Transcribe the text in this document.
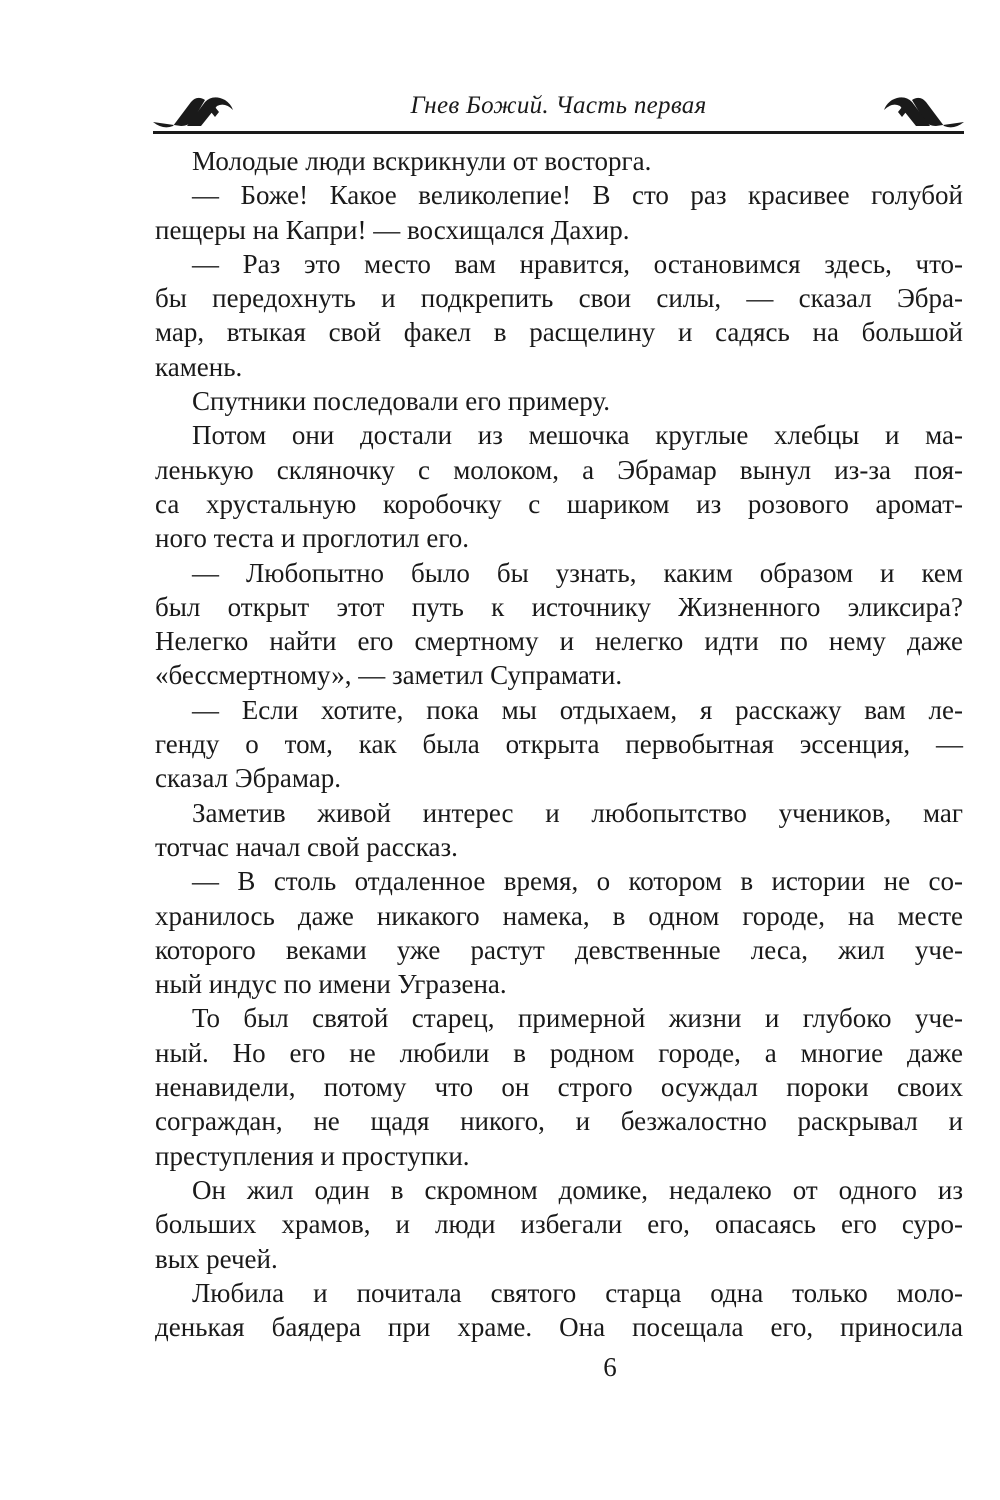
Гнев Божий. Часть первая
Молодые люди вскрикнули от восторга.
— Боже! Какое великолепие! В сто раз красивее голубой
пещеры на Капри! — восхищался Дахир.
— Раз это место вам нравится, остановимся здесь, что-
бы передохнуть и подкрепить свои силы, — сказал Эбра-
мар, втыкая свой факел в расщелину и садясь на большой
камень.
Спутники последовали его примеру.
Потом они достали из мешочка круглые хлебцы и ма-
ленькую скляночку с молоком, а Эбрамар вынул из-за поя-
са хрустальную коробочку с шариком из розового аромат-
ного теста и проглотил его.
— Любопытно было бы узнать, каким образом и кем
был открыт этот путь к источнику Жизненного эликсира?
Нелегко найти его смертному и нелегко идти по нему даже
«бессмертному», — заметил Супрамати.
— Если хотите, пока мы отдыхаем, я расскажу вам ле-
генду о том, как была открыта первобытная эссенция, —
сказал Эбрамар.
Заметив живой интерес и любопытство учеников, маг
тотчас начал свой рассказ.
— В столь отдаленное время, о котором в истории не со-
хранилось даже никакого намека, в одном городе, на месте
которого веками уже растут девственные леса, жил уче-
ный индус по имени Угразена.
То был святой старец, примерной жизни и глубоко уче-
ный. Но его не любили в родном городе, а многие даже
ненавидели, потому что он строго осуждал пороки своих
сограждан, не щадя никого, и безжалостно раскрывал и
преступления и проступки.
Он жил один в скромном домике, недалеко от одного из
больших храмов, и люди избегали его, опасаясь его суро-
вых речей.
Любила и почитала святого старца одна только моло-
денькая баядера при храме. Она посещала его, приносила
6
